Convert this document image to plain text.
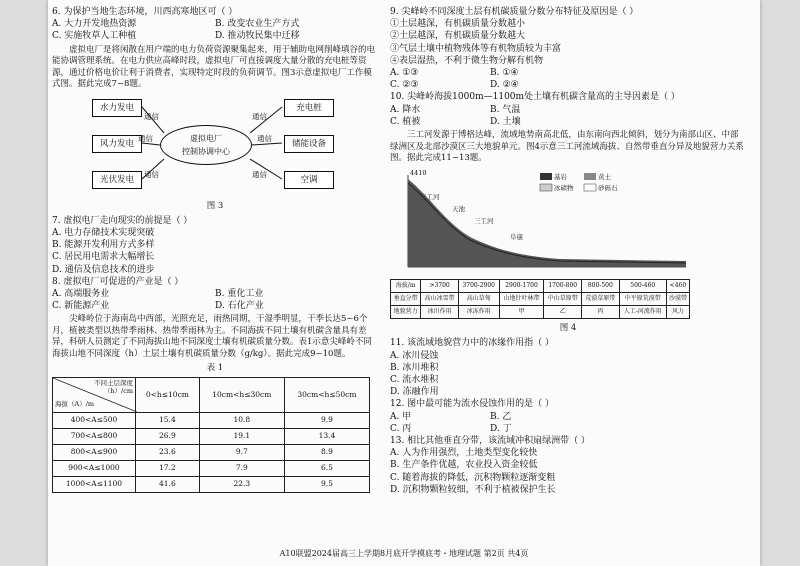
6. 为保护当地生态环境，川西高寒地区可（ ）

A. 大力开发地热资源	B. 改变农业生产方式
C. 实施牧草人工种植	D. 推动牧民集中迁移

虚拟电厂是将闲散在用户端的电力负荷资源聚集起来，用于辅助电网削峰填谷的电能协调管理系统。在电力供应高峰时段，虚拟电厂可直接调度大量分散的充电桩等资源，通过价格电价让利于消费者，实现特定时段的负荷调节。图3示意虚拟电厂工作模式图。据此完成7~8题。

水力发电
风力发电
光伏发电
虚拟电厂
控制协调中心
充电桩
储能设备
空调
通信
通信
通信
通信
通信
通信
图 3

7. 虚拟电厂走向现实的前提是（ ）

A. 电力存储技术实现突破
B. 能源开发利用方式多样
C. 居民用电需求大幅增长
D. 通信及信息技术的进步

8. 虚拟电厂可促进的产业是（ ）

A. 高端服务业	B. 重化工业
C. 新能源产业	D. 石化产业

尖峰岭位于海南岛中西部，光照充足，雨热同期，干湿季明显，干季长达5~6个月，植被类型以热带季雨林、热带季雨林为主。不同海拔不同土壤有机碳含量具有差异，科研人员测定了不同海拔山地不同深度土壤有机碳质量分数。表1示意尖峰岭不同海拔山地不同深度（h）土层土壤有机碳质量分数（g/kg）。据此完成9~10题。

表 1
不同土层深度
（h）/cm
海拔（A）/m	0<h≤10cm	10cm<h≤30cm	30cm<h≤50cm
400<A≤500	15.4	10.8	9.9
700<A≤800	26.9	19.1	13.4
800<A≤900	23.6	9.7	8.9
900<A≤1000	17.2	7.9	6.5
1000<A≤1100	41.6	22.3	9.5

9. 尖峰岭不同深度土层有机碳质量分数分布特征及原因是（ ）

①土层越深，有机碳质量分数越小
②土层越深，有机碳质量分数越大
③气层土壤中植物残体等有机物质较为丰富
④表层湿热，不利于微生物分解有机物
A. ①③	B. ①④
C. ②③	D. ②④

10. 尖峰岭海拔1000m—1100m处土壤有机碳含量高的主导因素是（ ）

A. 降水	B. 气温
C. 植被	D. 土壤

三工河发源于博格达峰，流域地势南高北低，由东南向西北倾斜，划分为南部山区、中部绿洲区及北部沙漠区三大地貌单元。图4示意三工河流域海拔、自然带垂直分异及地貌营力关系图。据此完成11~13题。

4410	基岩	黄土
冰碛物	砂砾石
三工河
天池
三工河
阜康
海拔/m	>3700	3700-2900	2900-1700	1700-800	800-500	500-460	<460
垂直分带	高山冰雪带	高山草甸	山地针叶林带	中山草原带	荒漠草原带	中平原荒漠带	沙漠带
地貌营力	冰川作用	冰冻作用	甲	乙	丙	人工-河流作用	风力
图 4

11. 该流域地貌营力中的冰缘作用指（ ）

A. 冰川侵蚀
B. 冰川堆积
C. 流水堆积
D. 冻融作用

12. 图中最可能为流水侵蚀作用的是（ ）

A. 甲	B. 乙
C. 丙	D. 丁

13. 相比其他垂直分带，该流域冲积扇绿洲带（ ）

A. 人为作用强烈，土地类型变化较快
B. 生产条件优越，农业投入资金较低
C. 随着海拔的降低，沉积物颗粒逐渐变粗
D. 沉积物颗粒较细，不利于植被保护生长
A10联盟2024届高三上学期8月底开学摸底考・地理试题 第2页 共4页
